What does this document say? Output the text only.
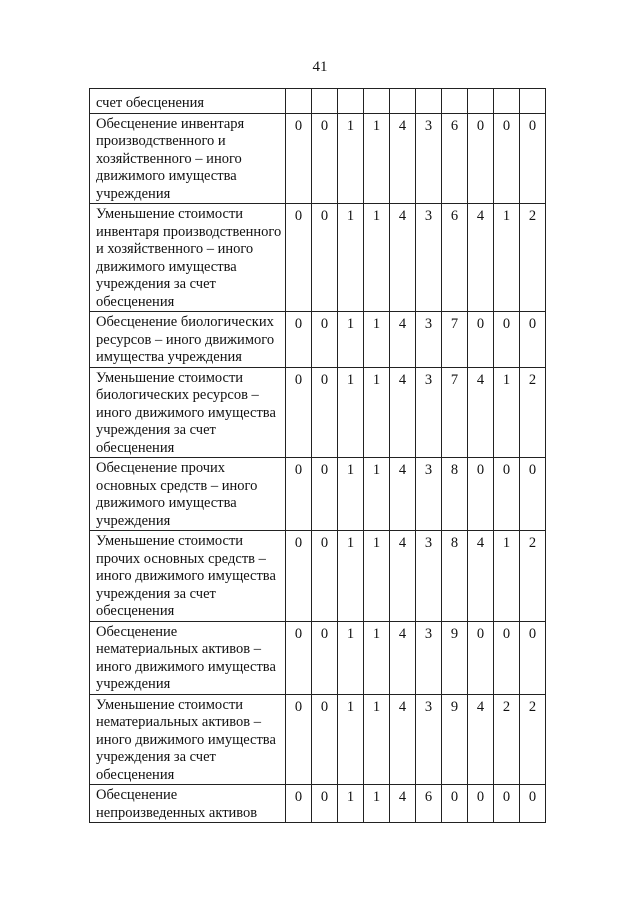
41
счет обесценения										
Обесценение инвентаря производственного и хозяйственного – иного движимого имущества учреждения	0	0	1	1	4	3	6	0	0	0
Уменьшение стоимости инвентаря производственного и хозяйственного – иного движимого имущества учреждения за счет обесценения	0	0	1	1	4	3	6	4	1	2
Обесценение биологических ресурсов – иного движимого имущества учреждения	0	0	1	1	4	3	7	0	0	0
Уменьшение стоимости биологических ресурсов – иного движимого имущества учреждения за счет обесценения	0	0	1	1	4	3	7	4	1	2
Обесценение прочих основных средств – иного движимого имущества учреждения	0	0	1	1	4	3	8	0	0	0
Уменьшение стоимости прочих основных средств – иного движимого имущества учреждения за счет обесценения	0	0	1	1	4	3	8	4	1	2
Обесценение нематериальных активов – иного движимого имущества учреждения	0	0	1	1	4	3	9	0	0	0
Уменьшение стоимости нематериальных активов – иного движимого имущества учреждения за счет обесценения	0	0	1	1	4	3	9	4	2	2
Обесценение непроизведенных активов	0	0	1	1	4	6	0	0	0	0
